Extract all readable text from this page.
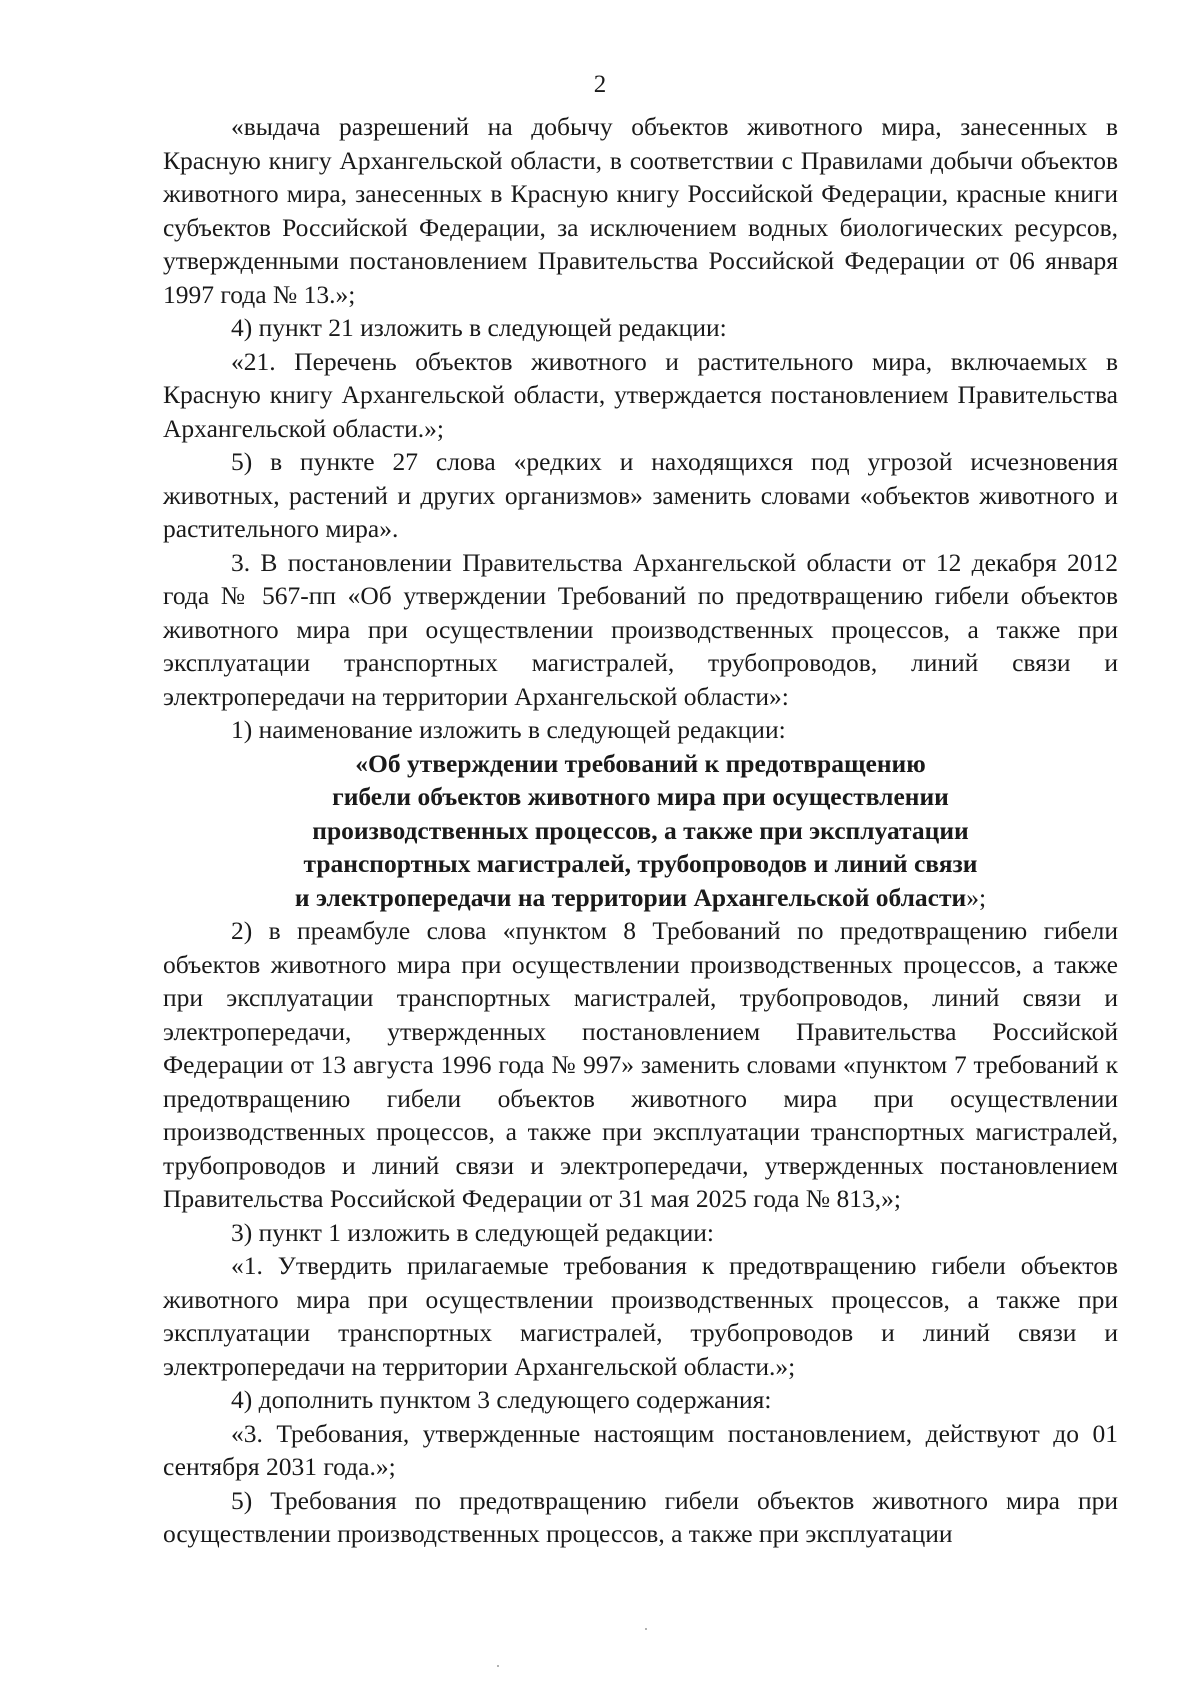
2

«выдача разрешений на добычу объектов животного мира, занесенных в Красную книгу Архангельской области, в соответствии с Правилами добычи объектов животного мира, занесенных в Красную книгу Российской Федерации, красные книги субъектов Российской Федерации, за исключением водных биологических ресурсов, утвержденными постановлением Правительства Российской Федерации от 06 января 1997 года № 13.»;

4) пункт 21 изложить в следующей редакции:

«21. Перечень объектов животного и растительного мира, включаемых в Красную книгу Архангельской области, утверждается постановлением Правительства Архангельской области.»;

5) в пункте 27 слова «редких и находящихся под угрозой исчезновения животных, растений и других организмов» заменить словами «объектов животного и растительного мира».

3. В постановлении Правительства Архангельской области от 12 декабря 2012 года № 567-пп «Об утверждении Требований по предотвращению гибели объектов животного мира при осуществлении производственных процессов, а также при эксплуатации транспортных магистралей, трубопроводов, линий связи и электропередачи на территории Архангельской области»:

1) наименование изложить в следующей редакции:

«Об утверждении требований к предотвращению
гибели объектов животного мира при осуществлении
производственных процессов, а также при эксплуатации
транспортных магистралей, трубопроводов и линий связи
и электропередачи на территории Архангельской области»;

2) в преамбуле слова «пунктом 8 Требований по предотвращению гибели объектов животного мира при осуществлении производственных процессов, а также при эксплуатации транспортных магистралей, трубопроводов, линий связи и электропередачи, утвержденных постановлением Правительства Российской Федерации от 13 августа 1996 года № 997» заменить словами «пунктом 7 требований к предотвращению гибели объектов животного мира при осуществлении производственных процессов, а также при эксплуатации транспортных магистралей, трубопроводов и линий связи и электропередачи, утвержденных постановлением Правительства Российской Федерации от 31 мая 2025 года № 813,»;

3) пункт 1 изложить в следующей редакции:

«1. Утвердить прилагаемые требования к предотвращению гибели объектов животного мира при осуществлении производственных процессов, а также при эксплуатации транспортных магистралей, трубопроводов и линий связи и электропередачи на территории Архангельской области.»;

4) дополнить пунктом 3 следующего содержания:

«3. Требования, утвержденные настоящим постановлением, действуют до 01 сентября 2031 года.»;

5) Требования по предотвращению гибели объектов животного мира при осуществлении производственных процессов, а также при эксплуатации
